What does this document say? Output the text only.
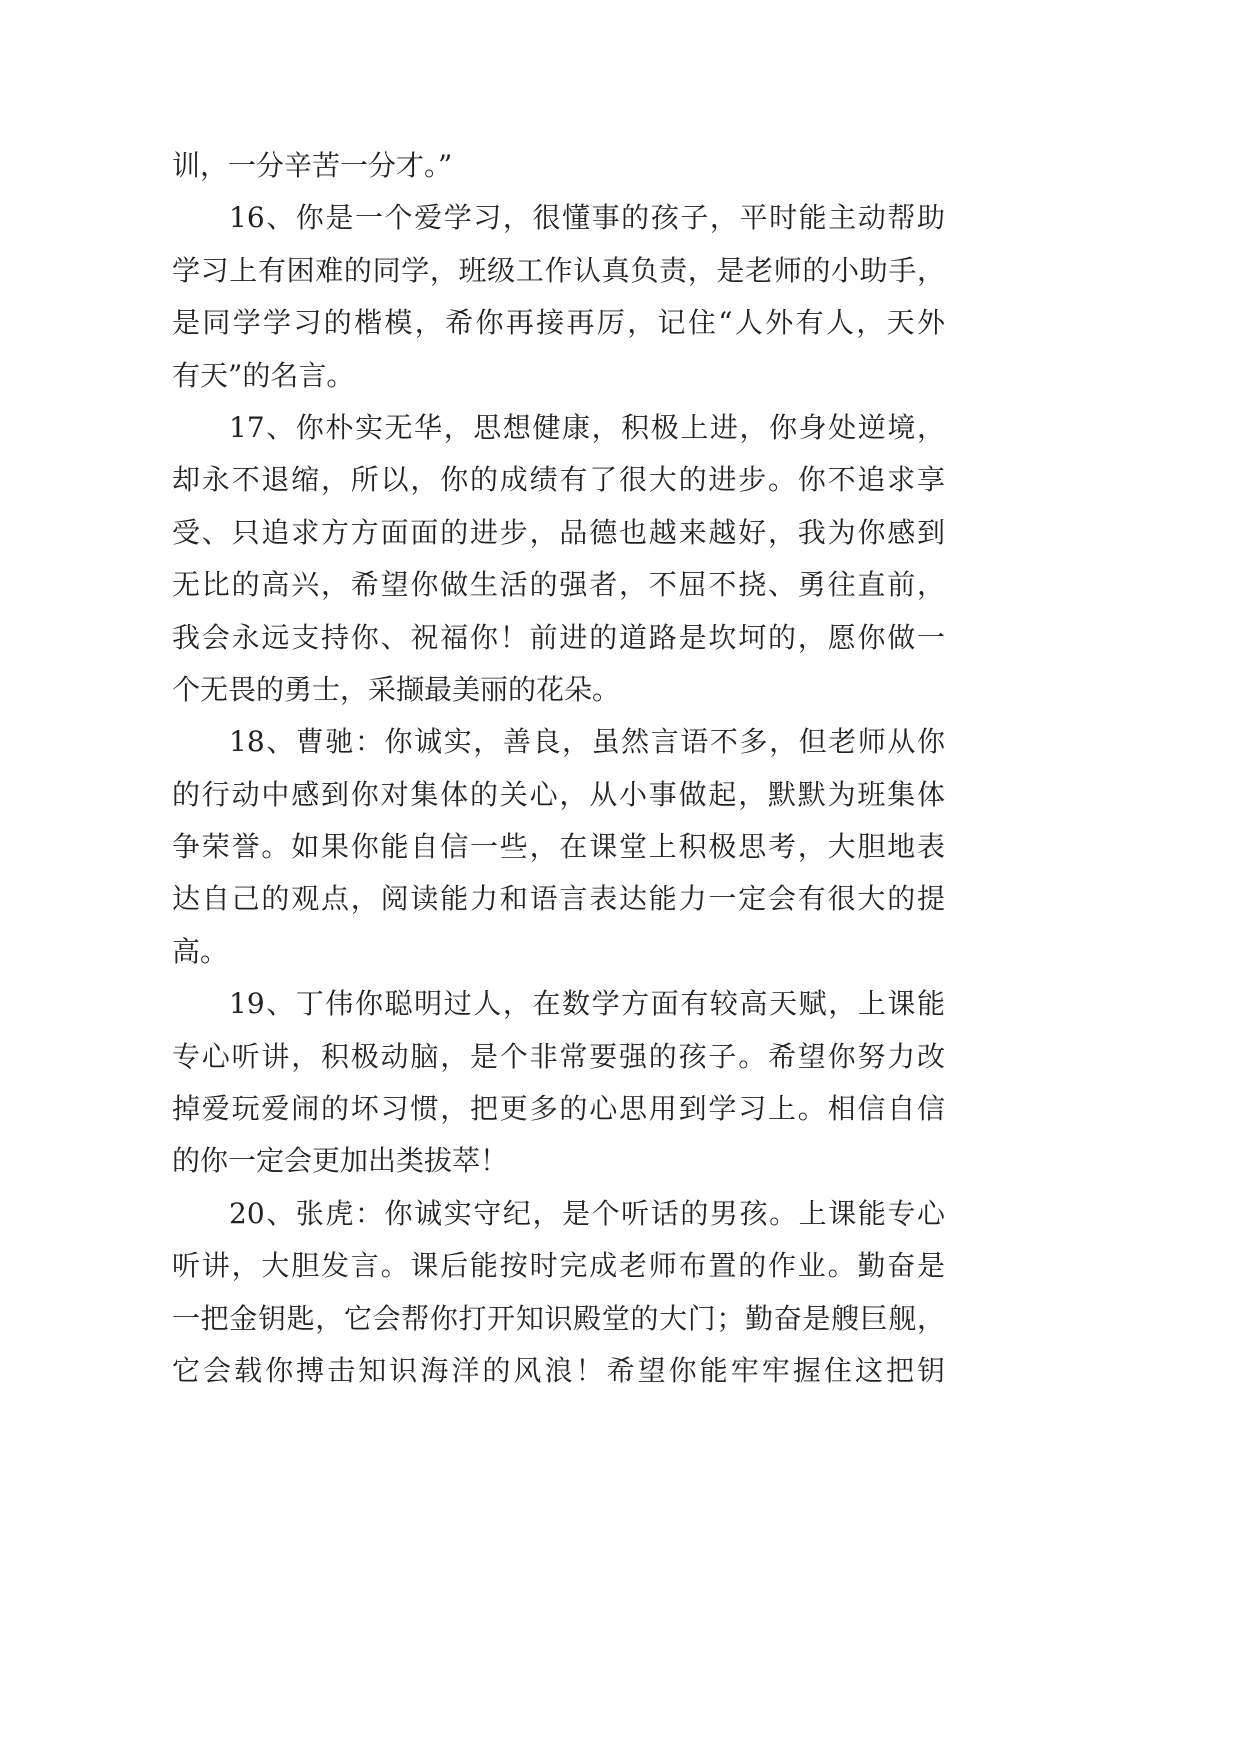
训，一分辛苦一分才。”
16、你是一个爱学习，很懂事的孩子，平时能主动帮助
学习上有困难的同学，班级工作认真负责，是老师的小助手，
是同学学习的楷模，希你再接再厉，记住“人外有人，天外
有天”的名言。
17、你朴实无华，思想健康，积极上进，你身处逆境，
却永不退缩，所以，你的成绩有了很大的进步。你不追求享
受、只追求方方面面的进步，品德也越来越好，我为你感到
无比的高兴，希望你做生活的强者，不屈不挠、勇往直前，
我会永远支持你、祝福你！前进的道路是坎坷的，愿你做一
个无畏的勇士，采撷最美丽的花朵。
18、曹驰：你诚实，善良，虽然言语不多，但老师从你
的行动中感到你对集体的关心，从小事做起，默默为班集体
争荣誉。如果你能自信一些，在课堂上积极思考，大胆地表
达自己的观点，阅读能力和语言表达能力一定会有很大的提
高。
19、丁伟你聪明过人，在数学方面有较高天赋，上课能
专心听讲，积极动脑，是个非常要强的孩子。希望你努力改
掉爱玩爱闹的坏习惯，把更多的心思用到学习上。相信自信
的你一定会更加出类拔萃！
20、张虎：你诚实守纪，是个听话的男孩。上课能专心
听讲，大胆发言。课后能按时完成老师布置的作业。勤奋是
一把金钥匙，它会帮你打开知识殿堂的大门；勤奋是艘巨舰，
它会载你搏击知识海洋的风浪！希望你能牢牢握住这把钥
